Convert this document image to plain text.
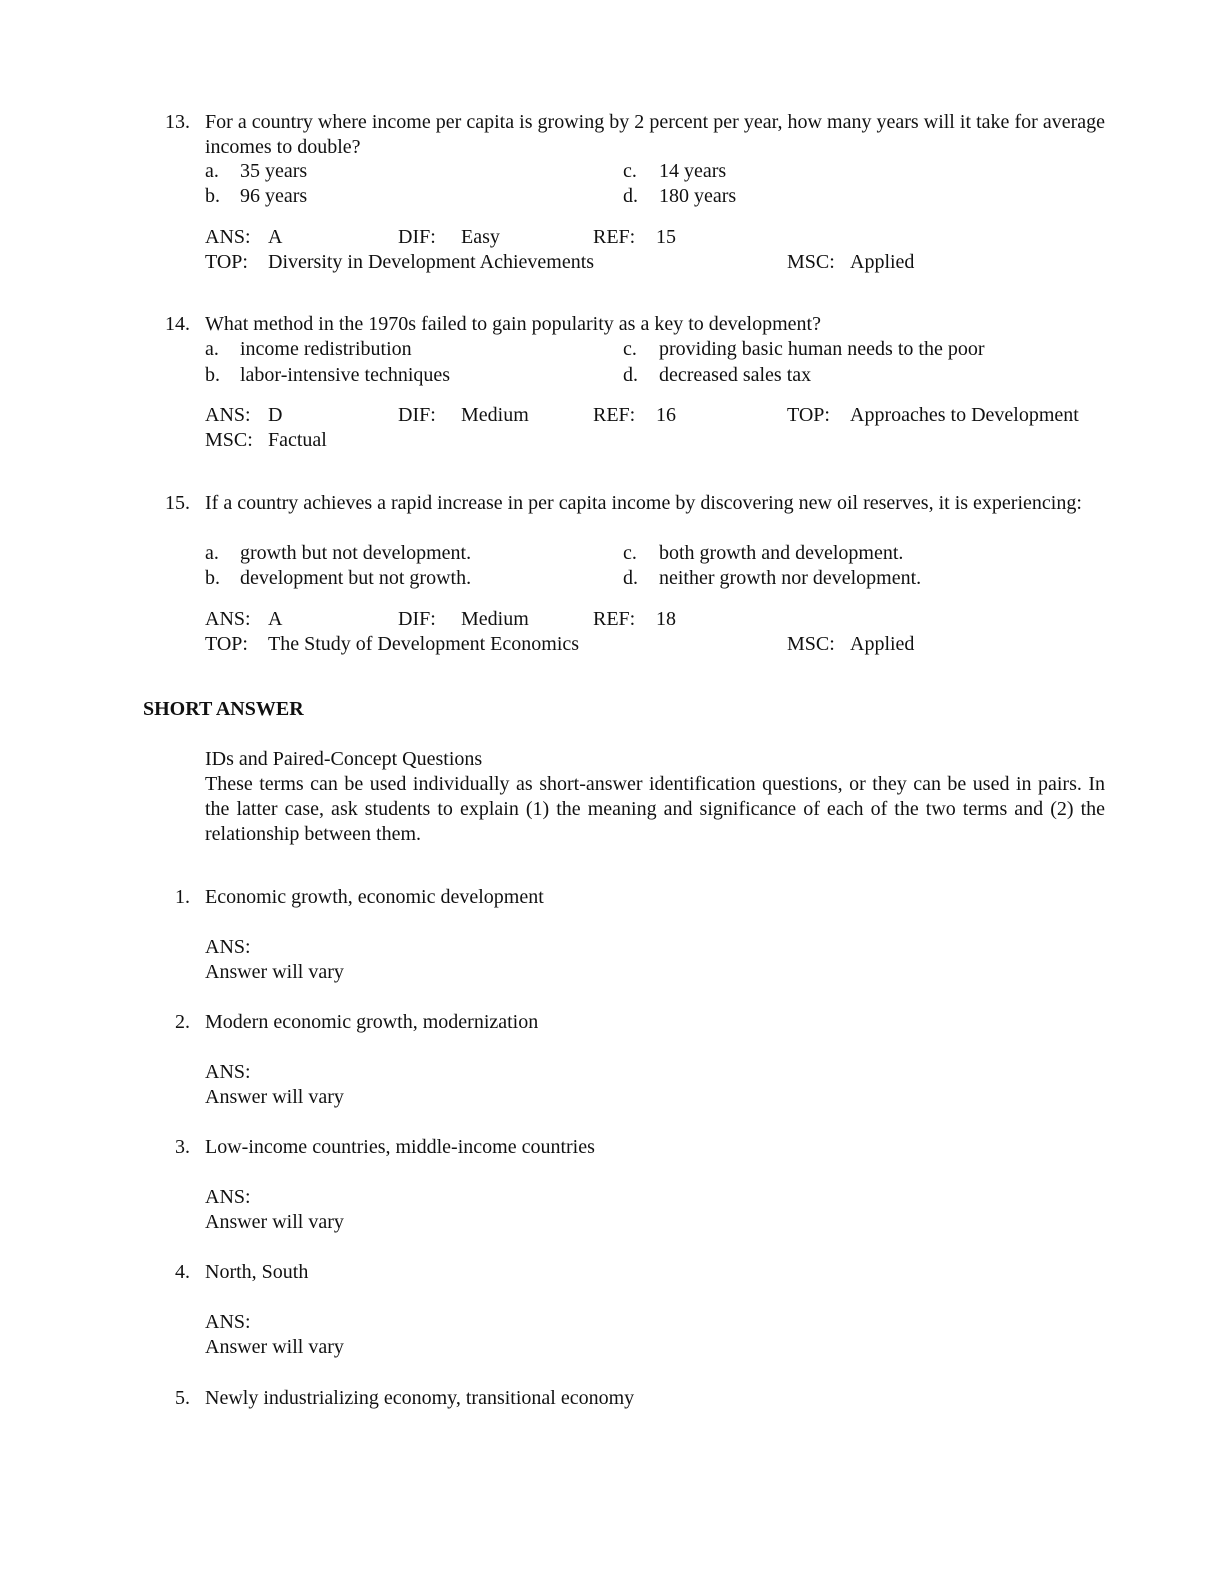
13. For a country where income per capita is growing by 2 percent per year, how many years will it take for average incomes to double?
a. 35 years
b. 96 years
c. 14 years
d. 180 years
ANS: A	DIF: Easy	REF: 15
TOP: Diversity in Development Achievements	MSC: Applied
14. What method in the 1970s failed to gain popularity as a key to development?
a. income redistribution
b. labor-intensive techniques
c. providing basic human needs to the poor
d. decreased sales tax
ANS: D	DIF: Medium	REF: 16	TOP: Approaches to Development
MSC: Factual
15. If a country achieves a rapid increase in per capita income by discovering new oil reserves, it is experiencing:
a. growth but not development.
b. development but not growth.
c. both growth and development.
d. neither growth nor development.
ANS: A	DIF: Medium	REF: 18
TOP: The Study of Development Economics	MSC: Applied
SHORT ANSWER
IDs and Paired-Concept Questions
These terms can be used individually as short-answer identification questions, or they can be used in pairs. In the latter case, ask students to explain (1) the meaning and significance of each of the two terms and (2) the relationship between them.
1. Economic growth, economic development
ANS:
Answer will vary
2. Modern economic growth, modernization
ANS:
Answer will vary
3. Low-income countries, middle-income countries
ANS:
Answer will vary
4. North, South
ANS:
Answer will vary
5. Newly industrializing economy, transitional economy
